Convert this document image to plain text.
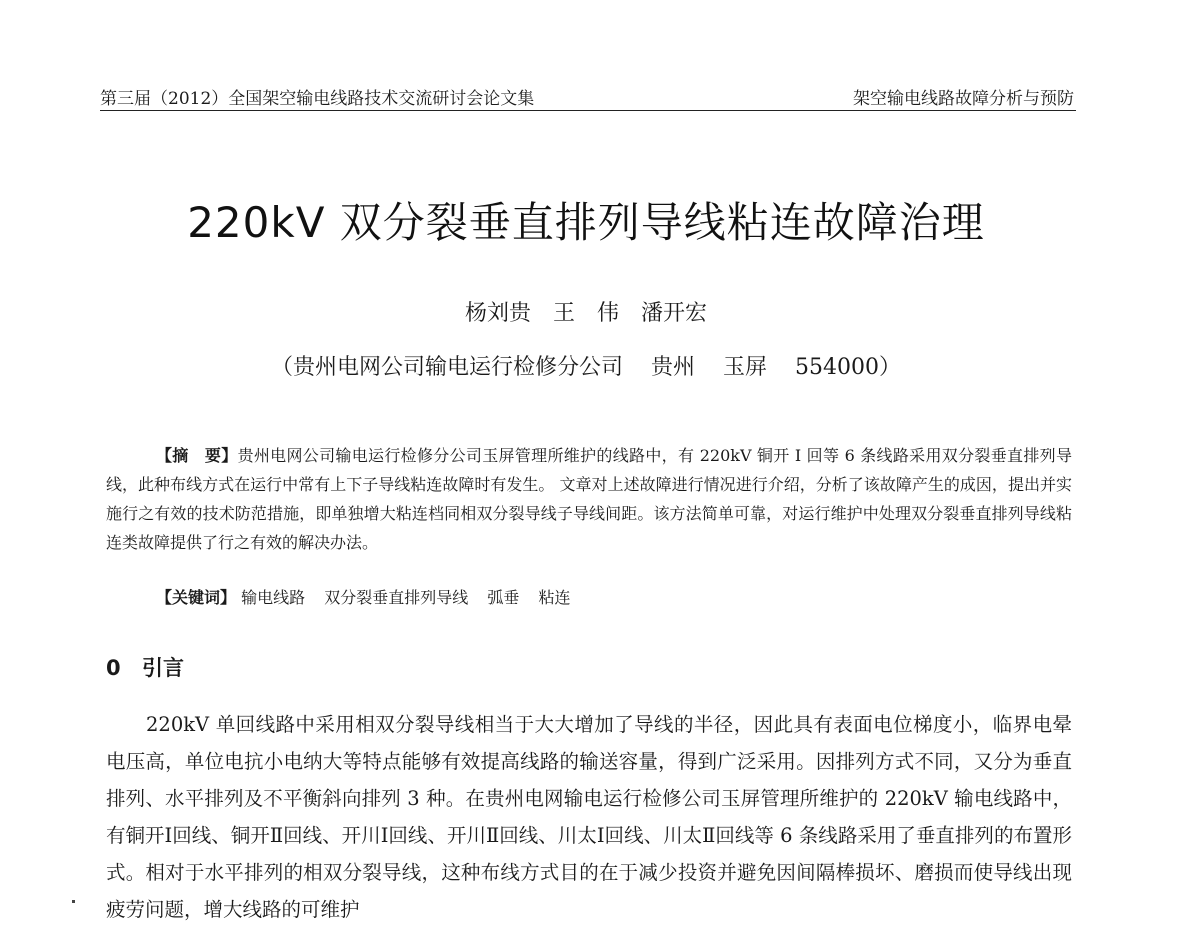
第三届（2012）全国架空输电线路技术交流研讨会论文集	架空输电线路故障分析与预防
220kV 双分裂垂直排列导线粘连故障治理
杨刘贵 王　伟 潘开宏
（贵州电网公司输电运行检修分公司 贵州 玉屏 554000）

【摘　要】贵州电网公司输电运行检修分公司玉屏管理所维护的线路中，有 220kV 铜开 I 回等 6 条线路采用双分裂垂直排列导线，此种布线方式在运行中常有上下子导线粘连故障时有发生。 文章对上述故障进行情况进行介绍，分析了该故障产生的成因，提出并实施行之有效的技术防范措施，即单独增大粘连档同相双分裂导线子导线间距。该方法简单可靠，对运行维护中处理双分裂垂直排列导线粘连类故障提供了行之有效的解决办法。

【关键词】 输电线路 双分裂垂直排列导线 弧垂 粘连
0 引言

220kV 单回线路中采用相双分裂导线相当于大大增加了导线的半径，因此具有表面电位梯度小，临界电晕电压高，单位电抗小电纳大等特点能够有效提高线路的输送容量，得到广泛采用。因排列方式不同，又分为垂直排列、水平排列及不平衡斜向排列 3 种。在贵州电网输电运行检修公司玉屏管理所维护的 220kV 输电线路中，有铜开Ⅰ回线、铜开Ⅱ回线、开川Ⅰ回线、开川Ⅱ回线、川太Ⅰ回线、川太Ⅱ回线等 6 条线路采用了垂直排列的布置形式。相对于水平排列的相双分裂导线，这种布线方式目的在于减少投资并避免因间隔棒损坏、磨损而使导线出现疲劳问题，增大线路的可维护
